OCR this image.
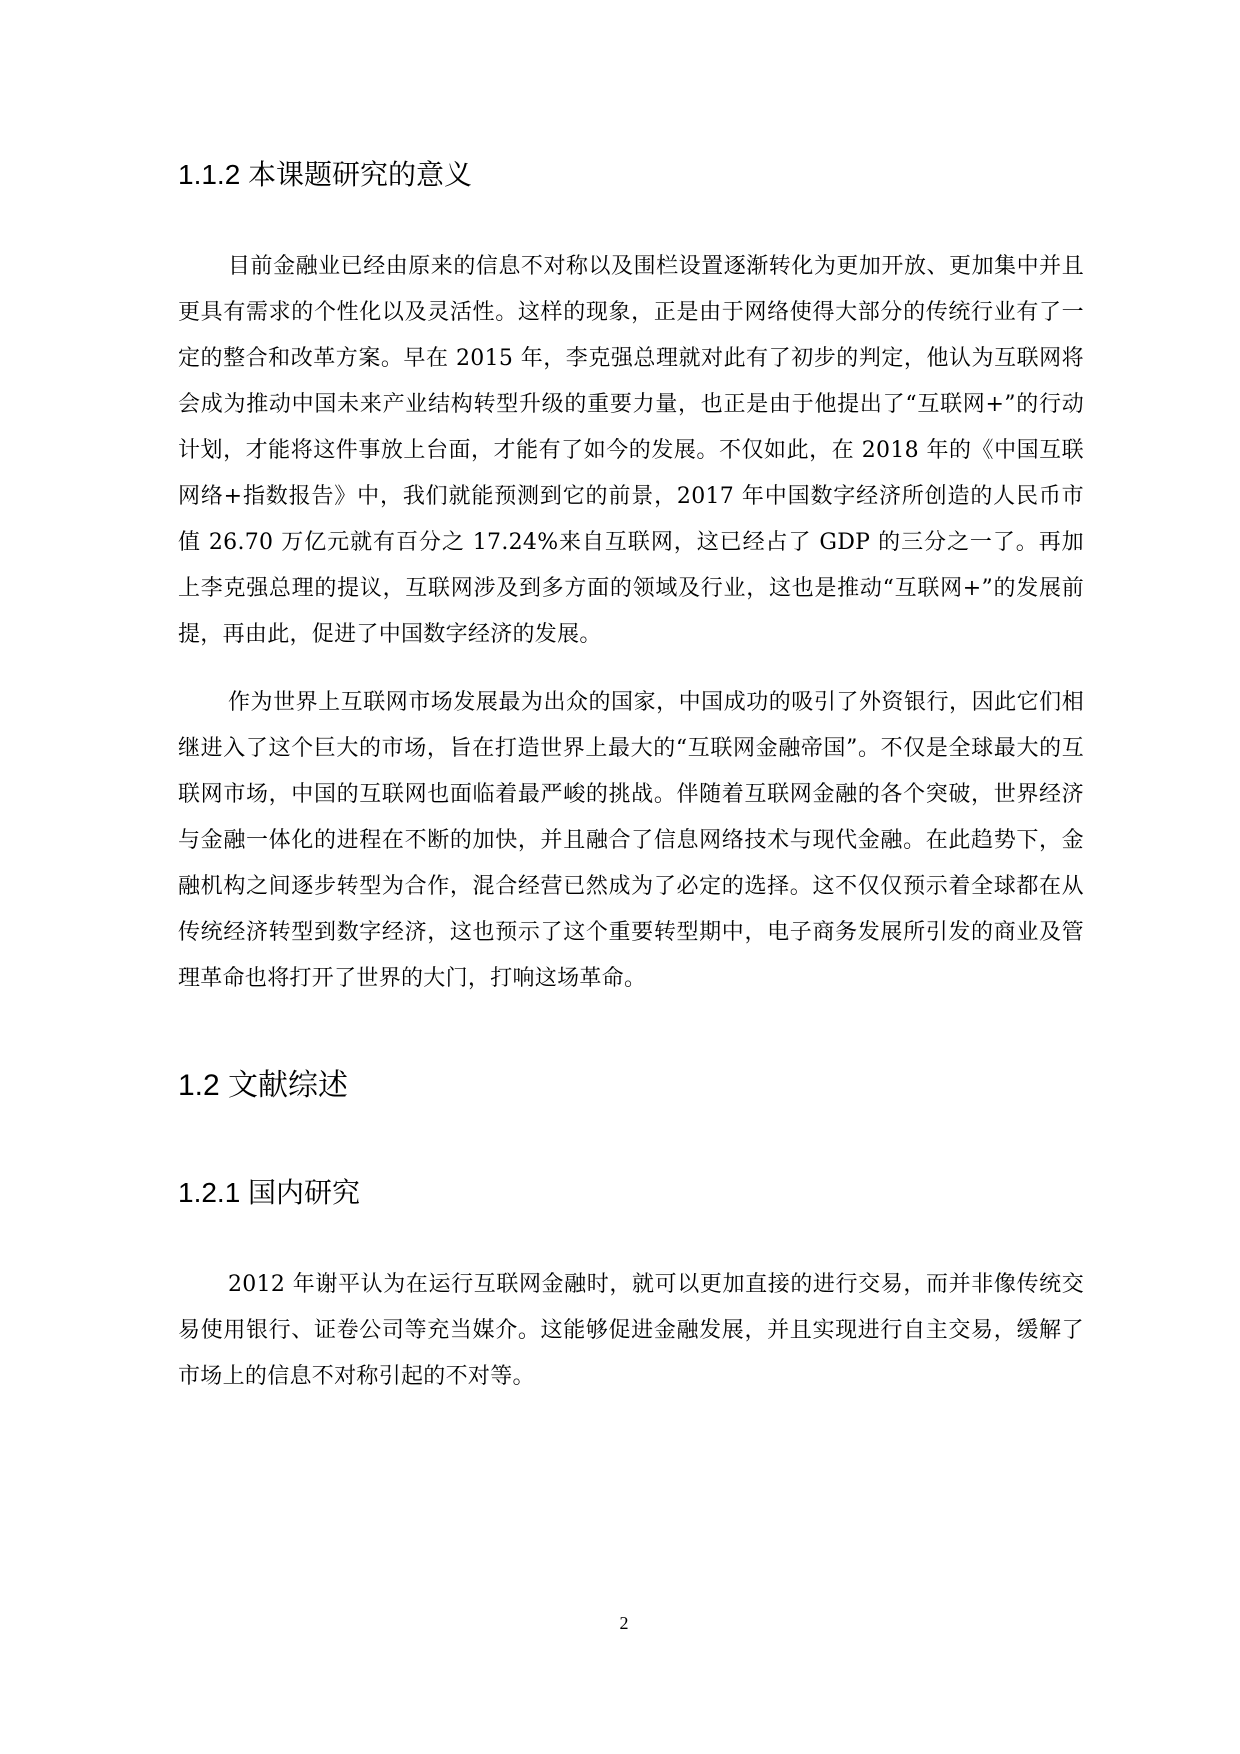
1.1.2 本课题研究的意义

目前金融业已经由原来的信息不对称以及围栏设置逐渐转化为更加开放、更加集中并且更具有需求的个性化以及灵活性。这样的现象，正是由于网络使得大部分的传统行业有了一定的整合和改革方案。早在 2015 年，李克强总理就对此有了初步的判定，他认为互联网将会成为推动中国未来产业结构转型升级的重要力量，也正是由于他提出了“互联网+”的行动计划，才能将这件事放上台面，才能有了如今的发展。不仅如此，在 2018 年的《中国互联网络+指数报告》中，我们就能预测到它的前景，2017 年中国数字经济所创造的人民币市值 26.70 万亿元就有百分之 17.24%来自互联网，这已经占了 GDP 的三分之一了。再加上李克强总理的提议，互联网涉及到多方面的领域及行业，这也是推动“互联网+”的发展前提，再由此，促进了中国数字经济的发展。

作为世界上互联网市场发展最为出众的国家，中国成功的吸引了外资银行，因此它们相继进入了这个巨大的市场，旨在打造世界上最大的“互联网金融帝国”。不仅是全球最大的互联网市场，中国的互联网也面临着最严峻的挑战。伴随着互联网金融的各个突破，世界经济与金融一体化的进程在不断的加快，并且融合了信息网络技术与现代金融。在此趋势下，金融机构之间逐步转型为合作，混合经营已然成为了必定的选择。这不仅仅预示着全球都在从传统经济转型到数字经济，这也预示了这个重要转型期中，电子商务发展所引发的商业及管理革命也将打开了世界的大门，打响这场革命。

1.2 文献综述
1.2.1 国内研究

2012 年谢平认为在运行互联网金融时，就可以更加直接的进行交易，而并非像传统交易使用银行、证卷公司等充当媒介。这能够促进金融发展，并且实现进行自主交易，缓解了市场上的信息不对称引起的不对等。

2
